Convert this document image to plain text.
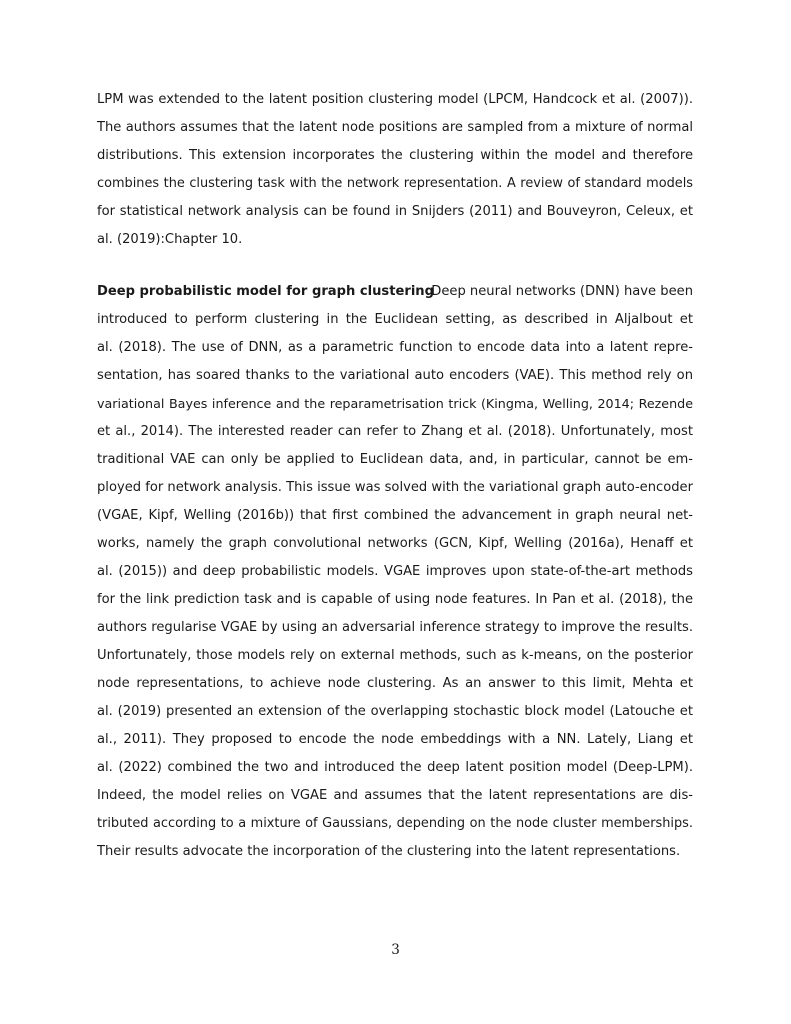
LPM was extended to the latent position clustering model (LPCM, Handcock et al. (2007)).
The authors assumes that the latent node positions are sampled from a mixture of normal
distributions. This extension incorporates the clustering within the model and therefore
combines the clustering task with the network representation. A review of standard models
for statistical network analysis can be found in Snijders (2011) and Bouveyron, Celeux, et
al. (2019):Chapter 10.
Deep probabilistic model for graph clustering
Deep neural networks (DNN) have been
introduced to perform clustering in the Euclidean setting, as described in Aljalbout et
al. (2018). The use of DNN, as a parametric function to encode data into a latent repre-
sentation, has soared thanks to the variational auto encoders (VAE). This method rely on
variational Bayes inference and the reparametrisation trick (Kingma, Welling, 2014; Rezende
et al., 2014). The interested reader can refer to Zhang et al. (2018). Unfortunately, most
traditional VAE can only be applied to Euclidean data, and, in particular, cannot be em-
ployed for network analysis. This issue was solved with the variational graph auto-encoder
(VGAE, Kipf, Welling (2016b)) that first combined the advancement in graph neural net-
works, namely the graph convolutional networks (GCN, Kipf, Welling (2016a), Henaff et
al. (2015)) and deep probabilistic models. VGAE improves upon state-of-the-art methods
for the link prediction task and is capable of using node features. In Pan et al. (2018), the
authors regularise VGAE by using an adversarial inference strategy to improve the results.
Unfortunately, those models rely on external methods, such as k-means, on the posterior
node representations, to achieve node clustering. As an answer to this limit, Mehta et
al. (2019) presented an extension of the overlapping stochastic block model (Latouche et
al., 2011). They proposed to encode the node embeddings with a NN. Lately, Liang et
al. (2022) combined the two and introduced the deep latent position model (Deep-LPM).
Indeed, the model relies on VGAE and assumes that the latent representations are dis-
tributed according to a mixture of Gaussians, depending on the node cluster memberships.
Their results advocate the incorporation of the clustering into the latent representations.
3
